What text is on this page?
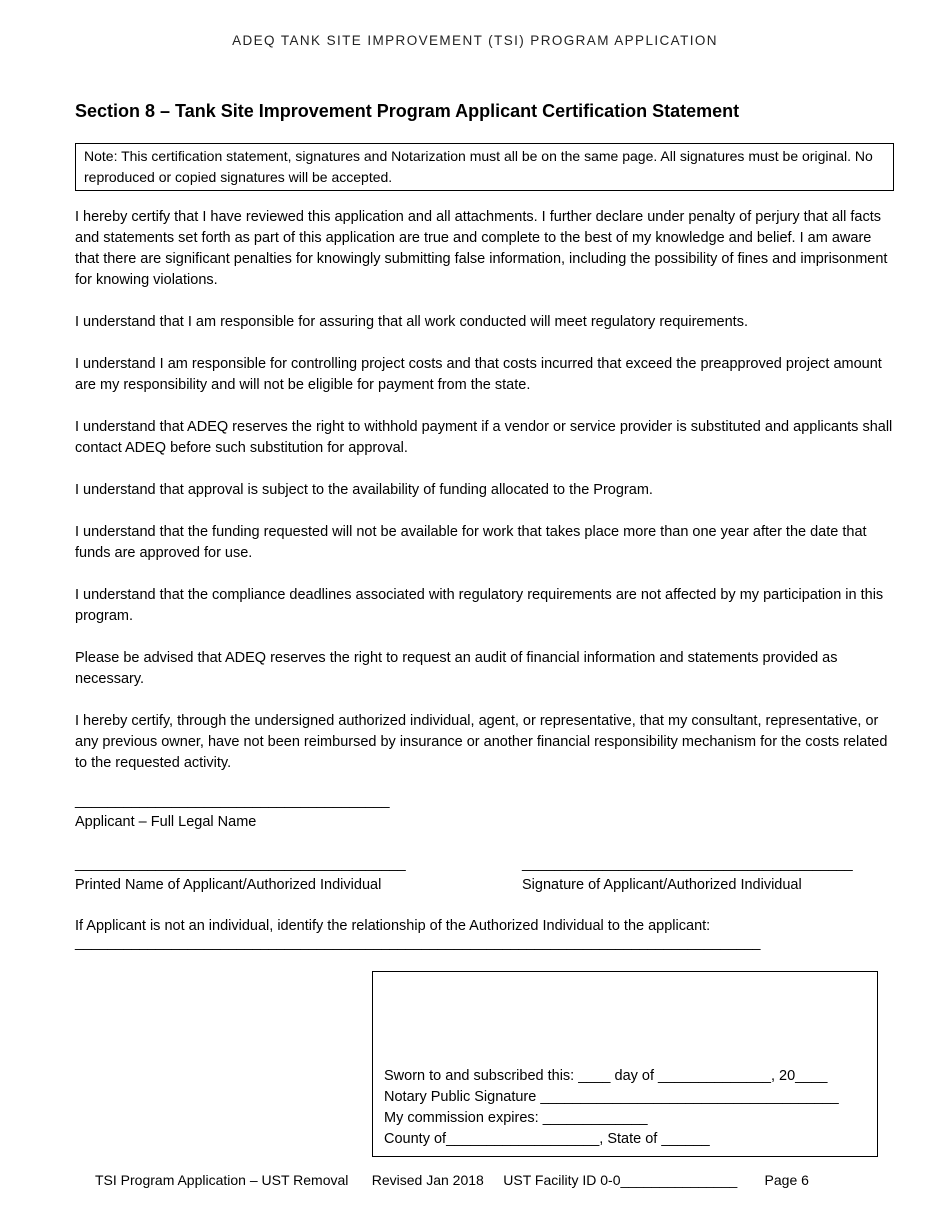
ADEQ TANK SITE IMPROVEMENT (TSI) PROGRAM APPLICATION
Section 8 – Tank Site Improvement Program Applicant Certification Statement
Note: This certification statement, signatures and Notarization must all be on the same page. All signatures must be original. No reproduced or copied signatures will be accepted.

I hereby certify that I have reviewed this application and all attachments. I further declare under penalty of perjury that all facts and statements set forth as part of this application are true and complete to the best of my knowledge and belief. I am aware that there are significant penalties for knowingly submitting false information, including the possibility of fines and imprisonment for knowing violations.

I understand that I am responsible for assuring that all work conducted will meet regulatory requirements.

I understand I am responsible for controlling project costs and that costs incurred that exceed the preapproved project amount are my responsibility and will not be eligible for payment from the state.

I understand that ADEQ reserves the right to withhold payment if a vendor or service provider is substituted and applicants shall contact ADEQ before such substitution for approval.

I understand that approval is subject to the availability of funding allocated to the Program.

I understand that the funding requested will not be available for work that takes place more than one year after the date that funds are approved for use.

I understand that the compliance deadlines associated with regulatory requirements are not affected by my participation in this program.

Please be advised that ADEQ reserves the right to request an audit of financial information and statements provided as necessary.

I hereby certify, through the undersigned authorized individual, agent, or representative, that my consultant, representative, or any previous owner, have not been reimbursed by insurance or another financial responsibility mechanism for the costs related to the requested activity.

_______________________________________
Applicant – Full Legal Name
_________________________________________
Printed Name of Applicant/Authorized Individual
_________________________________________
Signature of Applicant/Authorized Individual
If Applicant is not an individual, identify the relationship of the Authorized Individual to the applicant:
_____________________________________________________________________________________
Sworn to and subscribed this: ____ day of ______________, 20____
Notary Public Signature _____________________________________
My commission expires: _____________
County of___________________, State of ______
TSI Program Application – UST Removal Revised Jan 2018 UST Facility ID 0-0_______________ Page 6
